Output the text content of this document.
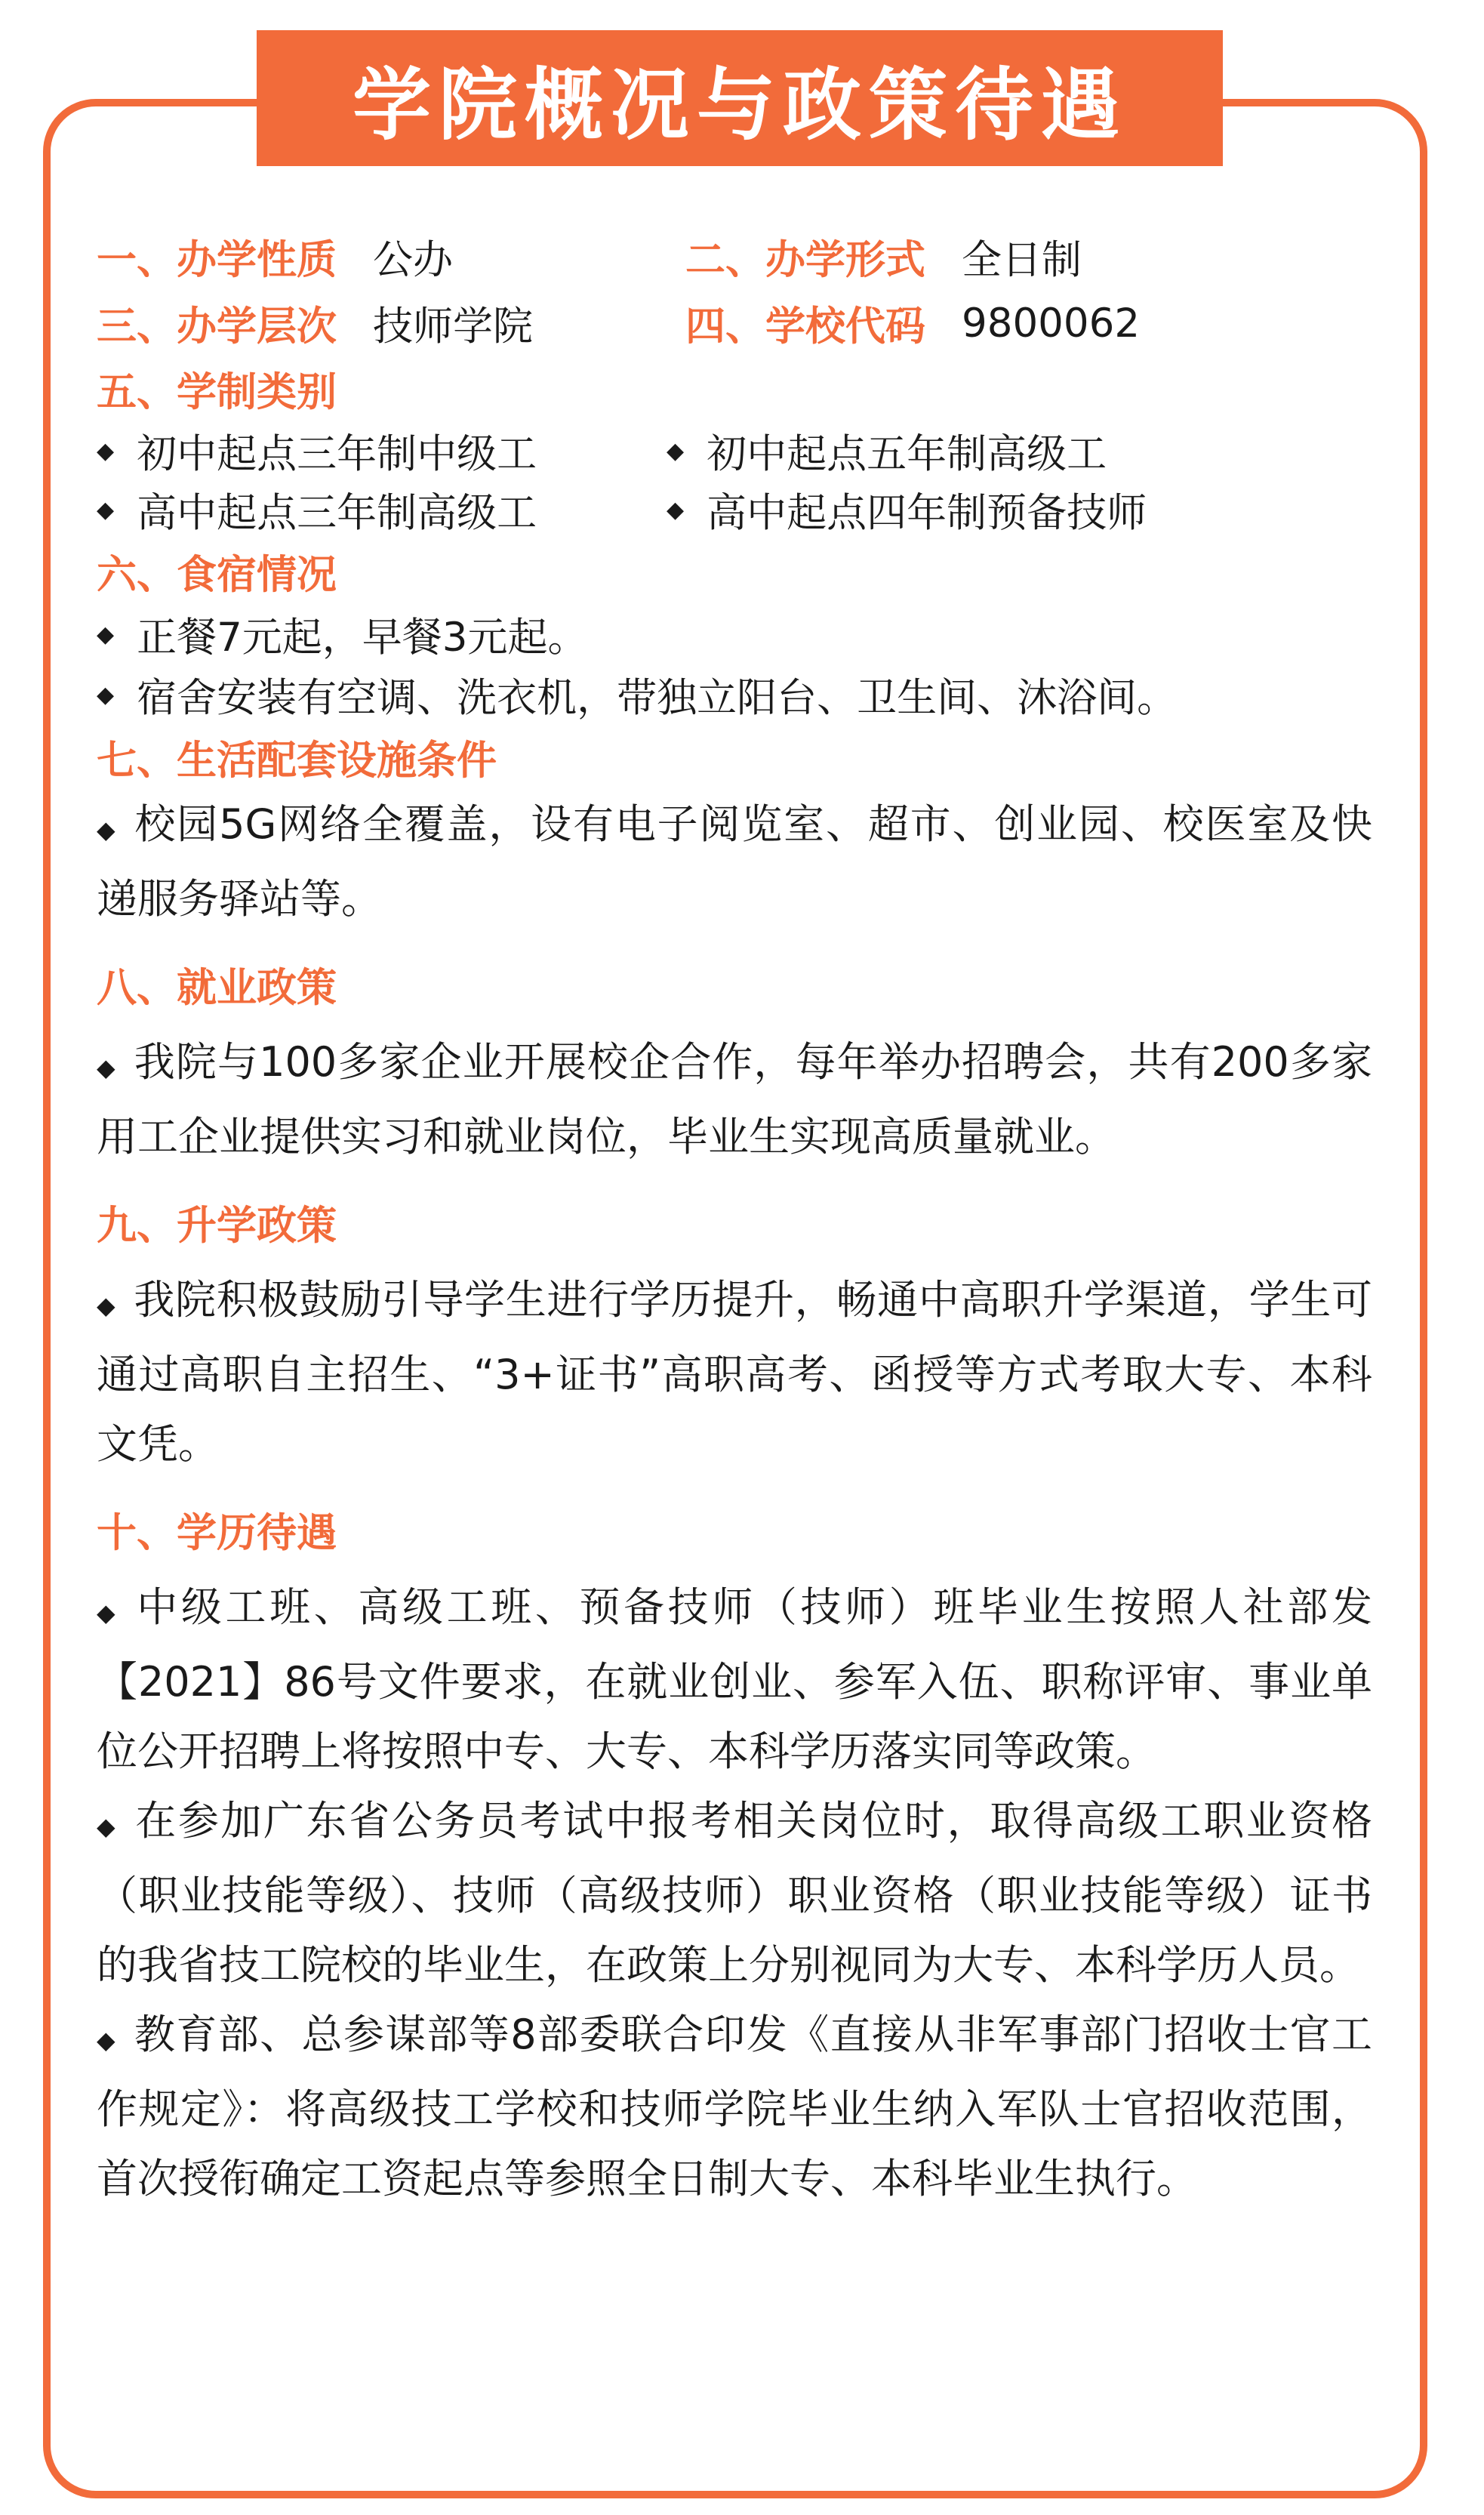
学院概况与政策待遇
一、办学性质 公办	二、办学形式 全日制
三、办学层次 技师学院	四、学校代码 9800062
五、学制类别
◆ 初中起点三年制中级工	◆ 初中起点五年制高级工
◆ 高中起点三年制高级工	◆ 高中起点四年制预备技师
六、食宿情况
◆ 正餐7元起，早餐3元起。
◆ 宿舍安装有空调、洗衣机，带独立阳台、卫生间、沐浴间。
七、生活配套设施条件

◆ 校园5G网络全覆盖，设有电子阅览室、超市、创业园、校医室及快递服务驿站等。

八、就业政策

◆ 我院与100多家企业开展校企合作，每年举办招聘会，共有200多家用工企业提供实习和就业岗位，毕业生实现高质量就业。

九、升学政策

◆ 我院积极鼓励引导学生进行学历提升，畅通中高职升学渠道，学生可通过高职自主招生、“3+证书”高职高考、函授等方式考取大专、本科文凭。

十、学历待遇

◆ 中级工班、高级工班、预备技师（技师）班毕业生按照人社部发【2021】86号文件要求，在就业创业、参军入伍、职称评审、事业单位公开招聘上将按照中专、大专、本科学历落实同等政策。

◆ 在参加广东省公务员考试中报考相关岗位时，取得高级工职业资格（职业技能等级）、技师（高级技师）职业资格（职业技能等级）证书的我省技工院校的毕业生，在政策上分别视同为大专、本科学历人员。

◆ 教育部、总参谋部等8部委联合印发《直接从非军事部门招收士官工作规定》：将高级技工学校和技师学院毕业生纳入军队士官招收范围，首次授衔确定工资起点等参照全日制大专、本科毕业生执行。
